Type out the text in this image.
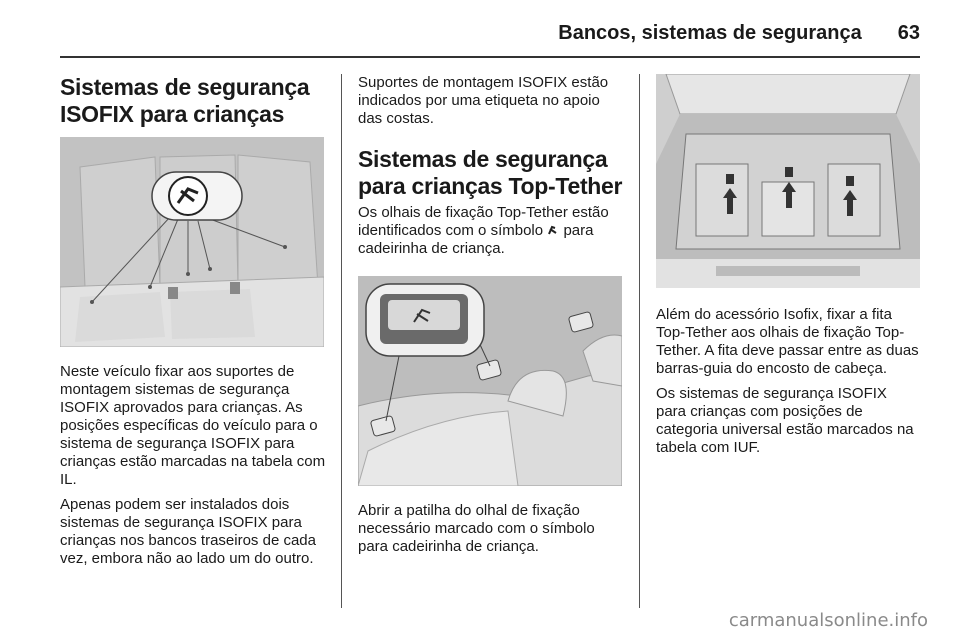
Bancos, sistemas de segurança 63
Sistemas de segurança ISOFIX para crianças

Neste veículo fixar aos suportes de montagem sistemas de segurança ISOFIX aprovados para crianças. As posições específicas do veículo para o sistema de segurança ISOFIX para crianças estão marcadas na tabela com IL.

Apenas podem ser instalados dois sistemas de segurança ISOFIX para crianças nos bancos traseiros de cada vez, embora não ao lado um do outro.

Suportes de montagem ISOFIX estão indicados por uma etiqueta no apoio das costas.

Sistemas de segurança para crianças Top-Tether

Os olhais de fixação Top-Tether estão identificados com o símbolo para cadeirinha de criança.

Abrir a patilha do olhal de fixação necessário marcado com o símbolo para cadeirinha de criança.

Além do acessório Isofix, fixar a fita Top-Tether aos olhais de fixação Top-Tether. A fita deve passar entre as duas barras-guia do encosto de cabeça.

Os sistemas de segurança ISOFIX para crianças com posições de categoria universal estão marcados na tabela com IUF.

carmanualsonline.info
